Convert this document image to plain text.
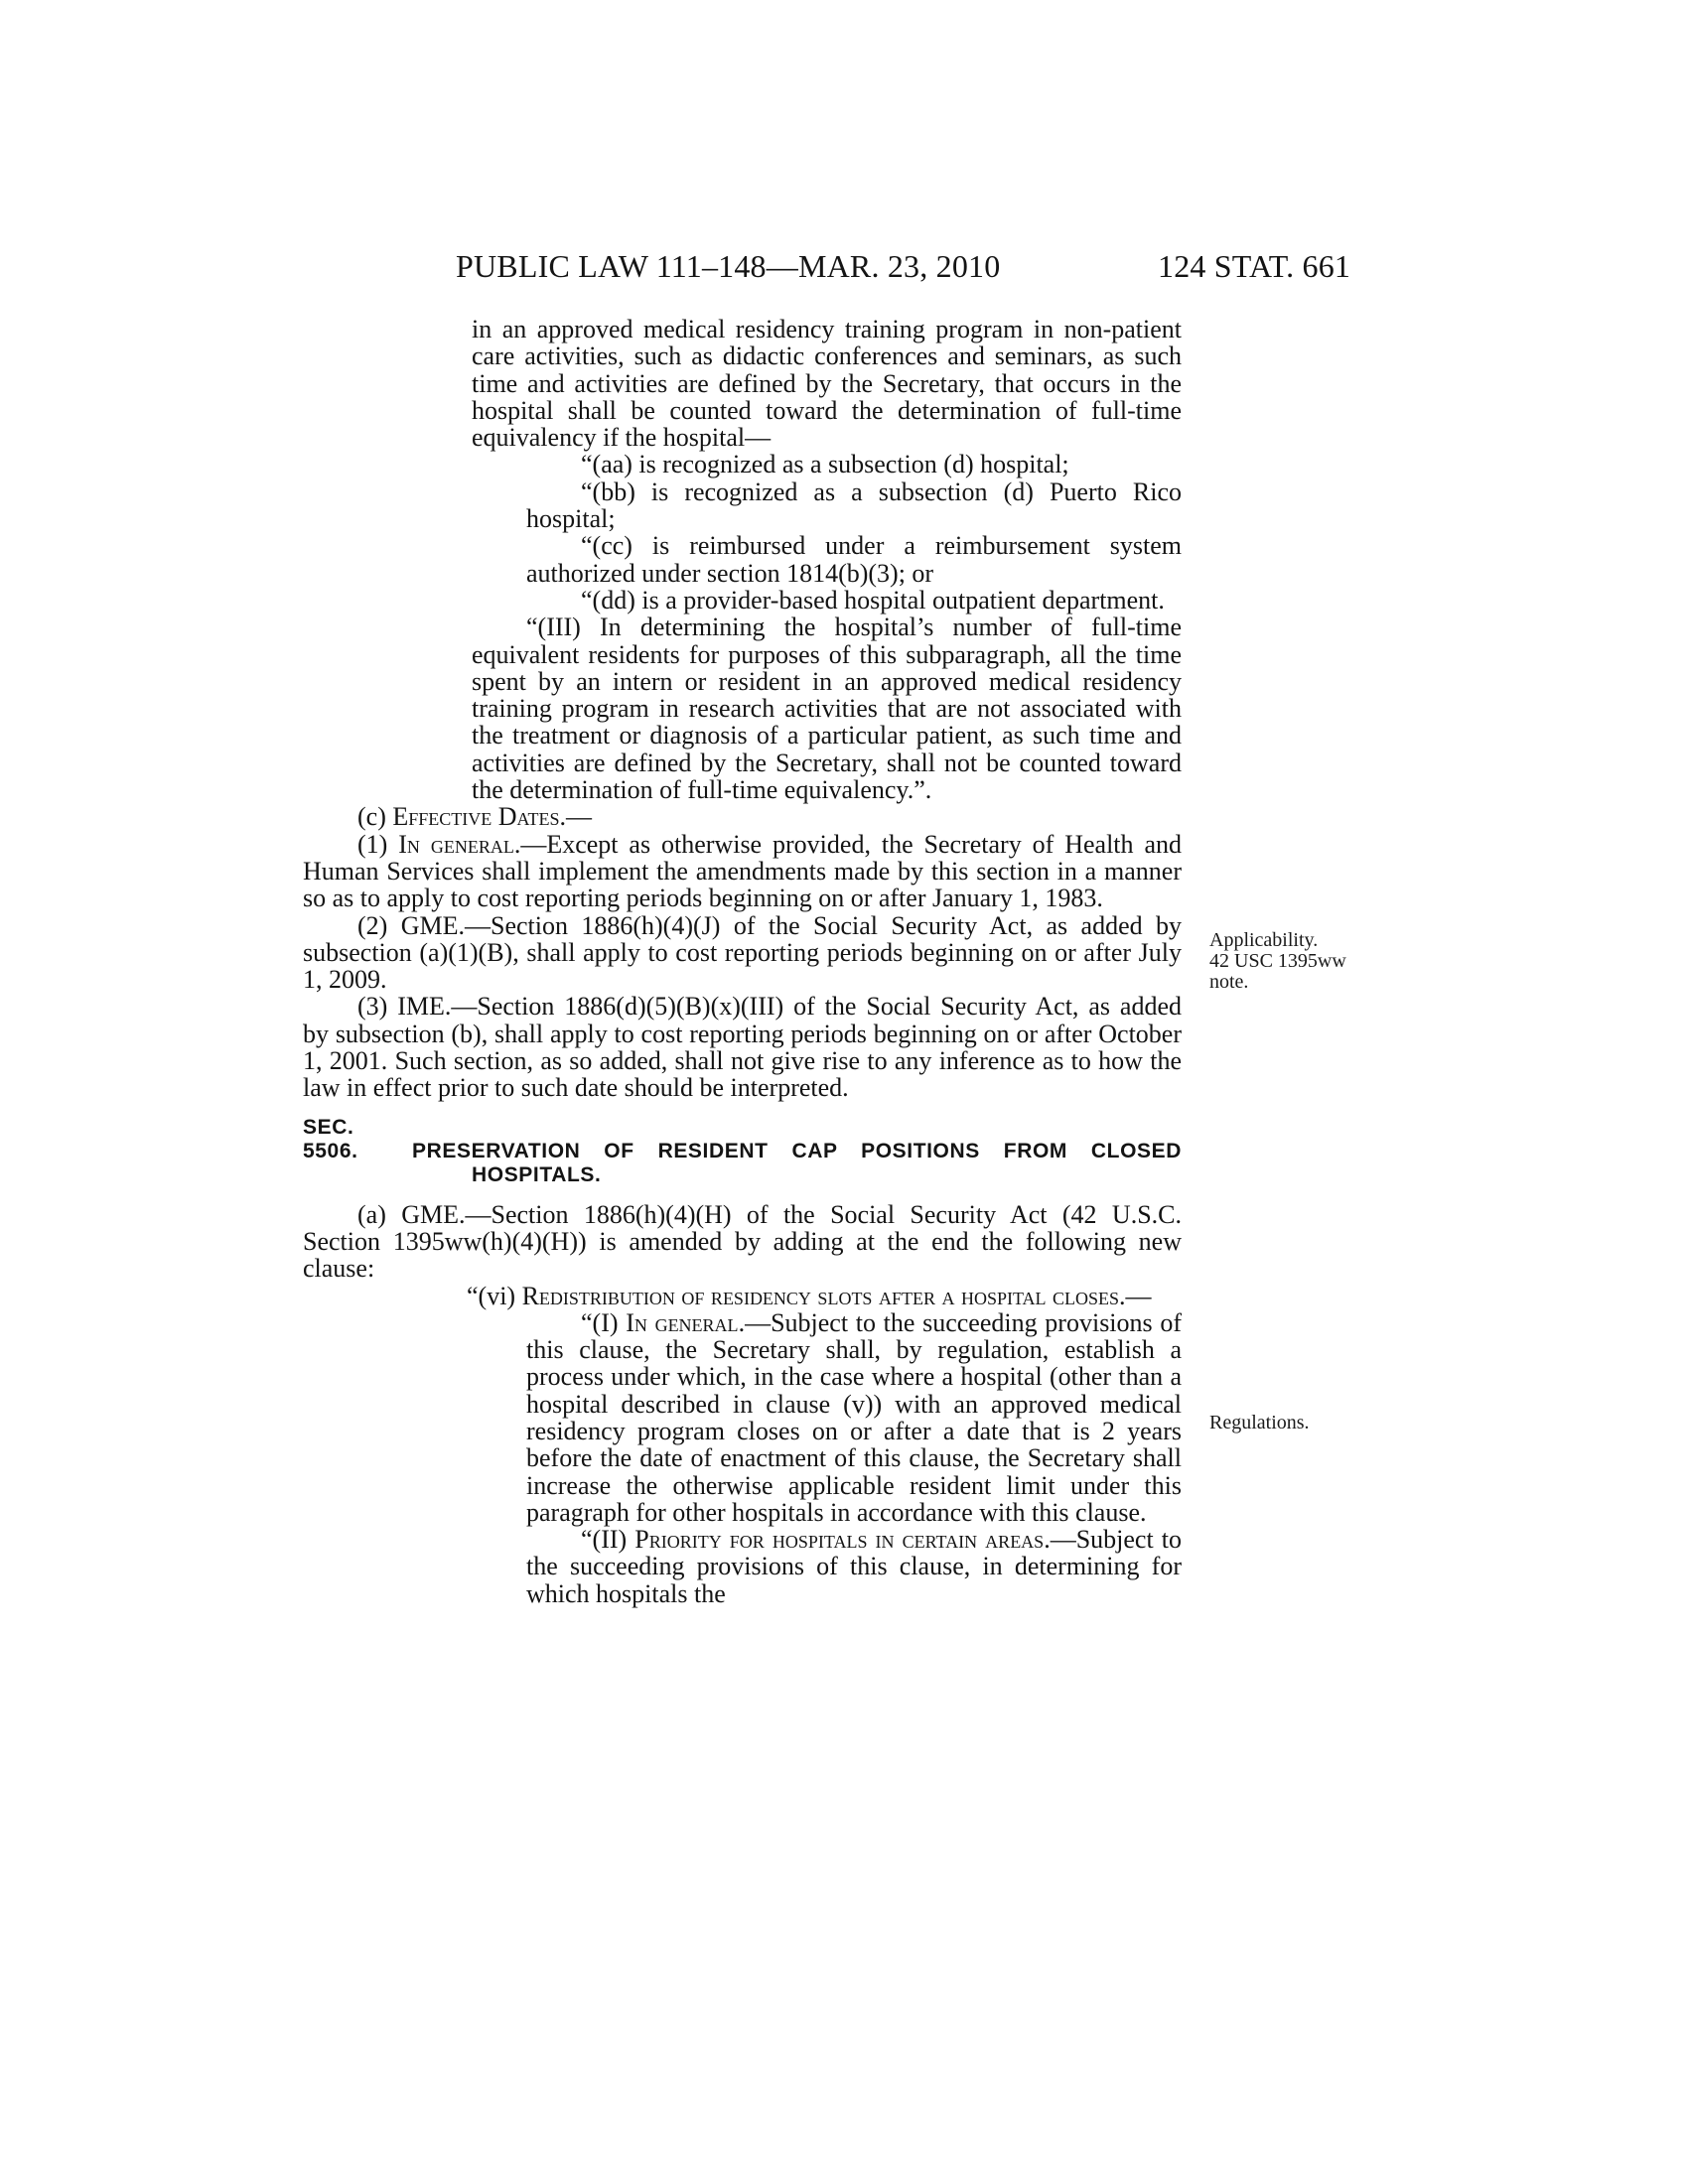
PUBLIC LAW 111–148—MAR. 23, 2010	124 STAT. 661
Applicability.
42 USC 1395ww
note.
Regulations.

in an approved medical residency training program in non-patient care activities, such as didactic conferences and seminars, as such time and activities are defined by the Secretary, that occurs in the hospital shall be counted toward the determination of full-time equivalency if the hospital—

“(aa) is recognized as a subsection (d) hospital;

“(bb) is recognized as a subsection (d) Puerto Rico hospital;

“(cc) is reimbursed under a reimbursement system authorized under section 1814(b)(3); or

“(dd) is a provider-based hospital outpatient department.

“(III) In determining the hospital’s number of full-time equivalent residents for purposes of this subparagraph, all the time spent by an intern or resident in an approved medical residency training program in research activities that are not associated with the treatment or diagnosis of a particular patient, as such time and activities are defined by the Secretary, shall not be counted toward the determination of full-time equivalency.”.

(c) Effective Dates.—

(1) In general.—Except as otherwise provided, the Secretary of Health and Human Services shall implement the amendments made by this section in a manner so as to apply to cost reporting periods beginning on or after January 1, 1983.

(2) GME.—Section 1886(h)(4)(J) of the Social Security Act, as added by subsection (a)(1)(B), shall apply to cost reporting periods beginning on or after July 1, 2009.

(3) IME.—Section 1886(d)(5)(B)(x)(III) of the Social Security Act, as added by subsection (b), shall apply to cost reporting periods beginning on or after October 1, 2001. Such section, as so added, shall not give rise to any inference as to how the law in effect prior to such date should be interpreted.

SEC. 5506.	PRESERVATION OF RESIDENT CAP POSITIONS FROM CLOSED HOSPITALS.

(a) GME.—Section 1886(h)(4)(H) of the Social Security Act (42 U.S.C. Section 1395ww(h)(4)(H)) is amended by adding at the end the following new clause:

“(vi) Redistribution of residency slots after a hospital closes.—

“(I) In general.—Subject to the succeeding provisions of this clause, the Secretary shall, by regulation, establish a process under which, in the case where a hospital (other than a hospital described in clause (v)) with an approved medical residency program closes on or after a date that is 2 years before the date of enactment of this clause, the Secretary shall increase the otherwise applicable resident limit under this paragraph for other hospitals in accordance with this clause.

“(II) Priority for hospitals in certain areas.—Subject to the succeeding provisions of this clause, in determining for which hospitals the
